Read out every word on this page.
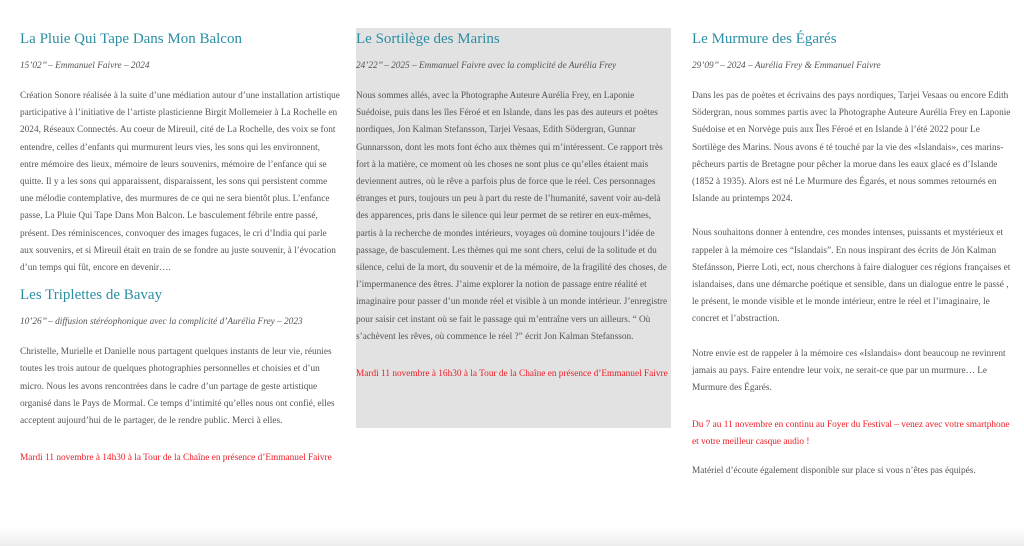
La Pluie Qui Tape Dans Mon Balcon
15’02’’ – Emmanuel Faivre – 2024

Création Sonore réalisée à la suite d’une médiation autour d’une installation artistique participative à l’initiative de l’artiste plasticienne Birgit Mollemeier à La Rochelle en 2024, Réseaux Connectés. Au coeur de Mireuil, cité de La Rochelle, des voix se font entendre, celles d’enfants qui murmurent leurs vies, les sons qui les environnent, entre mémoire des lieux, mémoire de leurs souvenirs, mémoire de l’enfance qui se quitte. Il y a les sons qui apparaissent, disparaissent, les sons qui persistent comme une mélodie contemplative, des murmures de ce qui ne sera bientôt plus. L’enfance passe, La Pluie Qui Tape Dans Mon Balcon. Le basculement fébrile entre passé, présent. Des réminiscences, convoquer des images fugaces, le cri d’India qui parle aux souvenirs, et si Mireuil était en train de se fondre au juste souvenir, à l’évocation d’un temps qui fût, encore en devenir….

Les Triplettes de Bavay
10’26’’ – diffusion stéréophonique avec la complicité d’Aurélia Frey – 2023

Christelle, Murielle et Danielle nous partagent quelques instants de leur vie, réunies toutes les trois autour de quelques photographies personnelles et choisies et d’un micro. Nous les avons rencontrées dans le cadre d’un partage de geste artistique organisé dans le Pays de Mormal. Ce temps d’intimité qu’elles nous ont confié, elles acceptent aujourd’hui de le partager, de le rendre public. Merci à elles.

Mardi 11 novembre à 14h30 à la Tour de la Chaîne en présence d’Emmanuel Faivre

Le Sortilège des Marins
24’22’’ – 2025 – Emmanuel Faivre avec la complicité de Aurélia Frey

Nous sommes allés, avec la Photographe Auteure Aurélia Frey, en Laponie Suédoise, puis dans les îles Féroé et en Islande, dans les pas des auteurs et poètes nordiques, Jon Kalman Stefansson, Tarjei Vesaas, Edith Södergran, Gunnar Gunnarsson, dont les mots font écho aux thèmes qui m’intéressent. Ce rapport très fort à la matière, ce moment où les choses ne sont plus ce qu’elles étaient mais deviennent autres, où le rêve a parfois plus de force que le réel. Ces personnages étranges et purs, toujours un peu à part du reste de l’humanité, savent voir au-delà des apparences, pris dans le silence qui leur permet de se retirer en eux-mêmes, partis à la recherche de mondes intérieurs, voyages où domine toujours l’idée de passage, de basculement. Les thèmes qui me sont chers, celui de la solitude et du silence, celui de la mort, du souvenir et de la mémoire, de la fragilité des choses, de l’impermanence des êtres. J’aime explorer la notion de passage entre réalité et imaginaire pour passer d’un monde réel et visible à un monde intérieur. J’enregistre pour saisir cet instant où se fait le passage qui m’entraîne vers un ailleurs. “ Où s’achèvent les rêves, où commence le réel ?” écrit Jon Kalman Stefansson.

Mardi 11 novembre à 16h30 à la Tour de la Chaîne en présence d’Emmanuel Faivre

Le Murmure des Égarés
29’09’’ – 2024 – Aurélia Frey & Emmanuel Faivre

Dans les pas de poètes et écrivains des pays nordiques, Tarjei Vesaas ou encore Edith Södergran, nous sommes partis avec la Photographe Auteure Aurélia Frey en Laponie Suédoise et en Norvège puis aux Îles Féroé et en Islande à l’été 2022 pour Le Sortilège des Marins. Nous avons é té touché par la vie des «Islandais», ces marins-pêcheurs partis de Bretagne pour pêcher la morue dans les eaux glacé es d’Islande (1852 à 1935). Alors est né Le Murmure des Égarés, et nous sommes retournés en Islande au printemps 2024.

Nous souhaitons donner à entendre, ces mondes intenses, puissants et mystérieux et rappeler à la mémoire ces “Islandais”. En nous inspirant des écrits de Jón Kalman Stefánsson, Pierre Loti, ect, nous cherchons à faire dialoguer ces régions françaises et islandaises, dans une démarche poétique et sensible, dans un dialogue entre le passé , le présent, le monde visible et le monde intérieur, entre le réel et l’imaginaire, le concret et l’abstraction.

Notre envie est de rappeler à la mémoire ces «Islandais» dont beaucoup ne revinrent jamais au pays. Faire entendre leur voix, ne serait-ce que par un murmure… Le Murmure des Égarés.

Du 7 au 11 novembre en continu au Foyer du Festival – venez avec votre smartphone et votre meilleur casque audio !

Matériel d’écoute également disponible sur place si vous n’êtes pas équipés.
